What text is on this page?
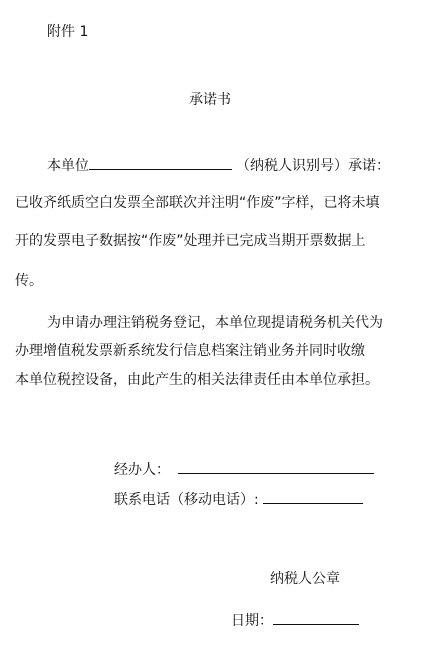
附件 1
承诺书
本单位	（纳税人识别号）承诺：
已收齐纸质空白发票全部联次并注明“作废”字样，已将未填
开的发票电子数据按“作废”处理并已完成当期开票数据上
传。
为申请办理注销税务登记，本单位现提请税务机关代为
办理增值税发票新系统发行信息档案注销业务并同时收缴
本单位税控设备，由此产生的相关法律责任由本单位承担。
经办人：
联系电话（移动电话）:
纳税人公章
日期：
